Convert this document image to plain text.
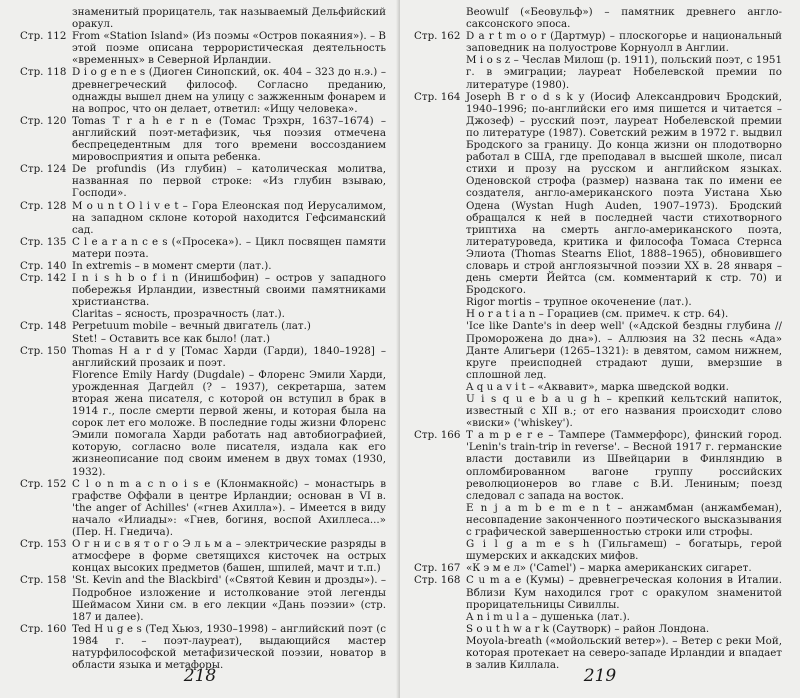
знаменитый прорицатель, так называемый Дельфийский оракул.
Стр. 112 From «Station Island» (Из поэмы «Остров покаяния»). – В этой поэме описана террористическая деятельность «временных» в Северной Ирландии.
Стр. 118 D i o g e n e s (Диоген Синопский, ок. 404 – 323 до н.э.) – древнегреческий философ. Согласно преданию, однажды вышел днем на улицу с зажженным фонарем и на вопрос, что он делает, ответил: «Ищу человека».
Стр. 120 Tomas T r a h e r n e (Томас Трэхрн, 1637–1674) – английский поэт-метафизик, чья поэзия отмечена беспрецедентным для того времени воссозданием мировосприятия и опыта ребенка.
Стр. 124 De profundis (Из глубин) – католическая молитва, названная по первой строке: «Из глубин взываю, Господи».
Стр. 128 M o u n t O l i v e t – Гора Елеонская под Иерусалимом, на западном склоне которой находится Гефсиманский сад.
Стр. 135 C l e a r a n c e s («Просека»). – Цикл посвящен памяти матери поэта.
Стр. 140 In extremis – в момент смерти (лат.).
Стр. 142 I n i s h b o f i n (Инишбофин) – остров у западного побережья Ирландии, известный своими памятниками христианства.
Claritas – ясность, прозрачность (лат.).
Стр. 148 Perpetuum mobile – вечный двигатель (лат.)
Stet! – Оставить все как было! (лат.)
Стр. 150 Thomas H a r d y [Томас Харди (Гарди), 1840–1928] – английский прозаик и поэт.
Florence Emily Hardy (Dugdale) – Флоренс Эмили Харди, урожденная Дагдейл (? – 1937), секретарша, затем вторая жена писателя, с которой он вступил в брак в 1914 г., после смерти первой жены, и которая была на сорок лет его моложе. В последние годы жизни Флоренс Эмили помогала Харди работать над автобиографией, которую, согласно воле писателя, издала как его жизнеописание под своим именем в двух томах (1930, 1932).
Стр. 152 C l o n m a c n o i s e (Клонмакнойс) – монастырь в графстве Оффали в центре Ирландии; основан в VI в. 'the anger of Achilles' («гнев Ахилла»). – Имеется в виду начало «Илиады»: «Гнев, богиня, воспой Ахиллеса...» (Пер. Н. Гнедича).
Стр. 153 О г н и с в я т о г о Э л ь м а – электрические разряды в атмосфере в форме светящихся кисточек на острых концах высоких предметов (башен, шпилей, мачт и т.п.)
Стр. 158 'St. Kevin and the Blackbird' («Святой Кевин и дрозды»). – Подробное изложение и истолкование этой легенды Шеймасом Хини см. в его лекции «Дань поэзии» (стр. 187 и далее).
Стр. 160 Ted H u g e s (Тед Хьюз, 1930–1998) – английский поэт (с 1984 г. – поэт-лауреат), выдающийся мастер натурфилософской метафизической поэзии, новатор в области языка и метафоры.
218
Beowulf («Беовульф») – памятник древнего англо-саксонского эпоса.
Стр. 162 D a r t m o o r (Дартмур) – плоскогорье и национальный заповедник на полуострове Корнуолл в Англии.
M i o s z – Чеслав Милош (р. 1911), польский поэт, с 1951 г. в эмиграции; лауреат Нобелевской премии по литературе (1980).
Стр. 164 Joseph B r o d s k y (Иосиф Александрович Бродский, 1940–1996; по-английски его имя пишется и читается – Джозеф) – русский поэт, лауреат Нобелевской премии по литературе (1987). Советский режим в 1972 г. выдвил Бродского за границу. До конца жизни он плодотворно работал в США, где преподавал в высшей школе, писал стихи и прозу на русском и английском языках. Оденовской строфа (размер) названа так по имени ее создателя, англо-американского поэта Уистана Хью Одена (Wystan Hugh Auden, 1907–1973). Бродский обращался к ней в последней части стихотворного триптиха на смерть англо-американского поэта, литературоведа, критика и философа Томаса Стернса Элиота (Thomas Stearns Eliot, 1888–1965), обновившего словарь и строй англоязычной поэзии XX в. 28 января – день смерти Йейтса (см. комментарий к стр. 70) и Бродского.
Rigor mortis – трупное окоченение (лат.).
H o r a t i a n – Горациев (см. примеч. к стр. 64).
'Ice like Dante's in deep well' («Адской бездны глубина // Проморожена до дна»). – Аллюзия на 32 песнь «Ада» Данте Алигьери (1265–1321): в девятом, самом нижнем, круге преисподней страдают души, вмерзшие в сплошной лед.
A q u a v i t – «Аквавит», марка шведской водки.
U i s q u e b a u g h – крепкий кельтский напиток, известный с XII в.; от его названия происходит слово «виски» ('whiskey').
Стр. 166 T a m p e r e – Тампере (Таммерфорс), финский город. 'Lenin's train-trip in reverse'. – Весной 1917 г. германские власти доставили из Швейцарии в Финляндию в опломбированном вагоне группу российских революционеров во главе с В.И. Лениным; поезд следовал с запада на восток.
E n j a m b e m e n t – анжамбман (анжамбеман), несовпадение законченного поэтического высказывания с графической завершенностью строки или строфы.
G i l g a m e s h (Гильгамеш) – богатырь, герой шумерских и аккадских мифов.
Стр. 167 «К э м е л» ('Camel') – марка американских сигарет.
Стр. 168 C u m a e (Кумы) – древнегреческая колония в Италии. Вблизи Кум находился грот с оракулом знаменитой прорицательницы Сивиллы.
A n i m u l a – душенька (лат.).
S o u t h w a r k (Саутворк) – район Лондона.
Moyola-breath («мойольский ветер»). – Ветер с реки Мой, которая протекает на северо-западе Ирландии и впадает в залив Киллала.
219
